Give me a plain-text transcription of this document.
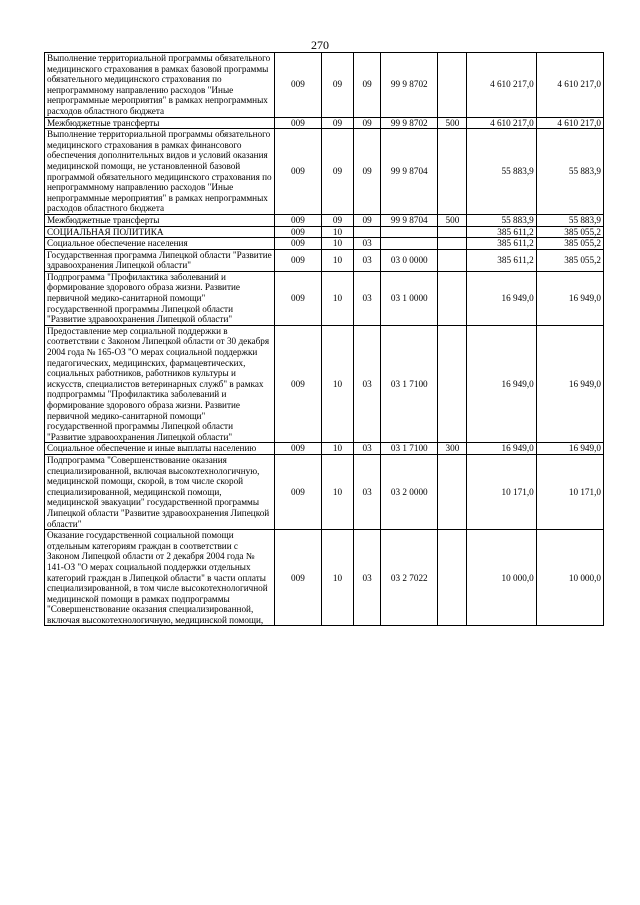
270
Выполнение территориальной программы обязательного медицинского страхования в рамках базовой программы обязательного медицинского страхования по непрограммному направлению расходов "Иные непрограммные мероприятия" в рамках непрограммных расходов областного бюджета	009	09	09	99 9 8702		4 610 217,0	4 610 217,0
Межбюджетные трансферты	009	09	09	99 9 8702	500	4 610 217,0	4 610 217,0
Выполнение территориальной программы обязательного медицинского страхования в рамках финансового обеспечения дополнительных видов и условий оказания медицинской помощи, не установленной базовой программой обязательного медицинского страхования по непрограммному направлению расходов "Иные непрограммные мероприятия" в рамках непрограммных расходов областного бюджета	009	09	09	99 9 8704		55 883,9	55 883,9
Межбюджетные трансферты	009	09	09	99 9 8704	500	55 883,9	55 883,9
СОЦИАЛЬНАЯ ПОЛИТИКА	009	10				385 611,2	385 055,2
Социальное обеспечение населения	009	10	03			385 611,2	385 055,2
Государственная программа Липецкой области "Развитие здравоохранения Липецкой области"	009	10	03	03 0 0000		385 611,2	385 055,2
Подпрограмма "Профилактика заболеваний и формирование здорового образа жизни. Развитие первичной медико-санитарной помощи" государственной программы Липецкой области "Развитие здравоохранения Липецкой области"	009	10	03	03 1 0000		16 949,0	16 949,0
Предоставление мер социальной поддержки в соответствии с Законом Липецкой области от 30 декабря 2004 года № 165-ОЗ "О мерах социальной поддержки педагогических, медицинских, фармацевтических, социальных работников, работников культуры и искусств, специалистов ветеринарных служб" в рамках подпрограммы "Профилактика заболеваний и формирование здорового образа жизни. Развитие первичной медико-санитарной помощи" государственной программы Липецкой области "Развитие здравоохранения Липецкой области"	009	10	03	03 1 7100		16 949,0	16 949,0
Социальное обеспечение и иные выплаты населению	009	10	03	03 1 7100	300	16 949,0	16 949,0
Подпрограмма "Совершенствование оказания специализированной, включая высокотехнологичную, медицинской помощи, скорой, в том числе скорой специализированной, медицинской помощи, медицинской эвакуации" государственной программы Липецкой области "Развитие здравоохранения Липецкой области"	009	10	03	03 2 0000		10 171,0	10 171,0
Оказание государственной социальной помощи отдельным категориям граждан в соответствии с Законом Липецкой области от 2 декабря 2004 года № 141-ОЗ "О мерах социальной поддержки отдельных категорий граждан в Липецкой области" в части оплаты специализированной, в том числе высокотехнологичной медицинской помощи в рамках подпрограммы "Совершенствование оказания специализированной, включая высокотехнологичную, медицинской помощи,	009	10	03	03 2 7022		10 000,0	10 000,0
